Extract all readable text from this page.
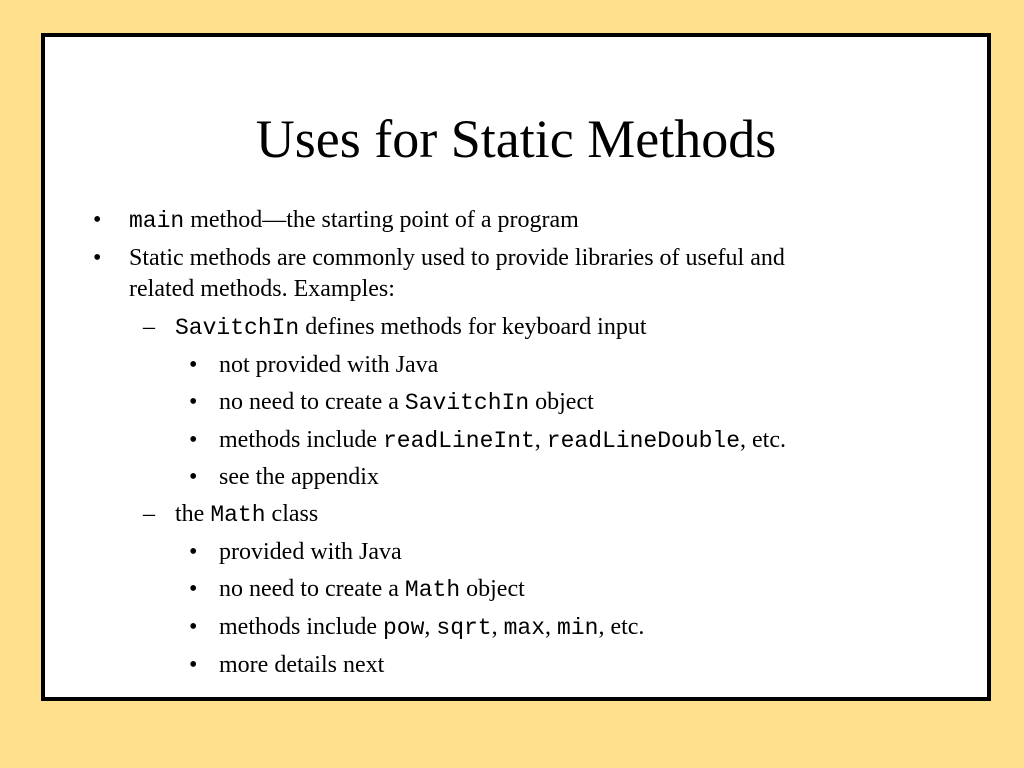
Uses for Static Methods
• main method—the starting point of a program
• Static methods are commonly used to provide libraries of useful and
related methods. Examples:
– SavitchIn defines methods for keyboard input
• not provided with Java
• no need to create a SavitchIn object
• methods include readLineInt, readLineDouble, etc.
• see the appendix
– the Math class
• provided with Java
• no need to create a Math object
• methods include pow, sqrt, max, min, etc.
• more details next
